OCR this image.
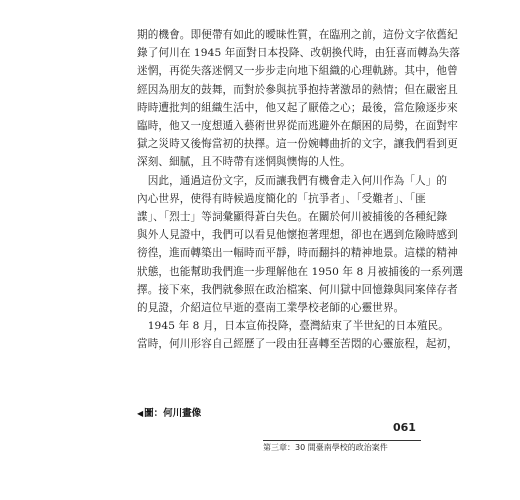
期的機會。即便帶有如此的曖昧性質，在臨刑之前，這份文字依舊紀
錄了何川在 1945 年面對日本投降、改朝換代時，由狂喜而轉為失落
迷惘，再從失落迷惘又一步步走向地下組織的心理軌跡。其中，他曾
經因為朋友的鼓舞，而對於參與抗爭抱持著激昂的熱情；但在嚴密且
時時遭批判的組織生活中，他又起了厭倦之心；最後，當危險逐步來
臨時，他又一度想遁入藝術世界從而逃避外在顛困的局勢，在面對牢
獄之災時又後悔當初的抉擇。這一份婉轉曲折的文字，讓我們看到更
深刻、細膩，且不時帶有迷惘與懊悔的人性。
　因此，通過這份文字，反而讓我們有機會走入何川作為「人」的
內心世界，使得有時候過度簡化的「抗爭者」、「受難者」、「匪
諜」、「烈士」等詞彙顯得蒼白失色。在關於何川被捕後的各種紀錄
與外人見證中，我們可以看見他懷抱著理想，卻也在遇到危險時感到
徬徨，進而轉築出一幅時而平靜，時而翻抖的精神地景。這樣的精神
狀態，也能幫助我們進一步理解他在 1950 年 8 月被捕後的一系列選
擇。接下來，我們就參照在政治檔案、何川獄中回憶錄與同案倖存者
的見證，介紹這位早逝的臺南工業學校老師的心靈世界。
　1945 年 8 月，日本宣佈投降，臺灣結束了半世紀的日本殖民。
當時，何川形容自己經歷了一段由狂喜轉至苦悶的心靈旅程，起初，
◀圖：何川畫像
061
第三章：30 間臺南學校的政治案件
